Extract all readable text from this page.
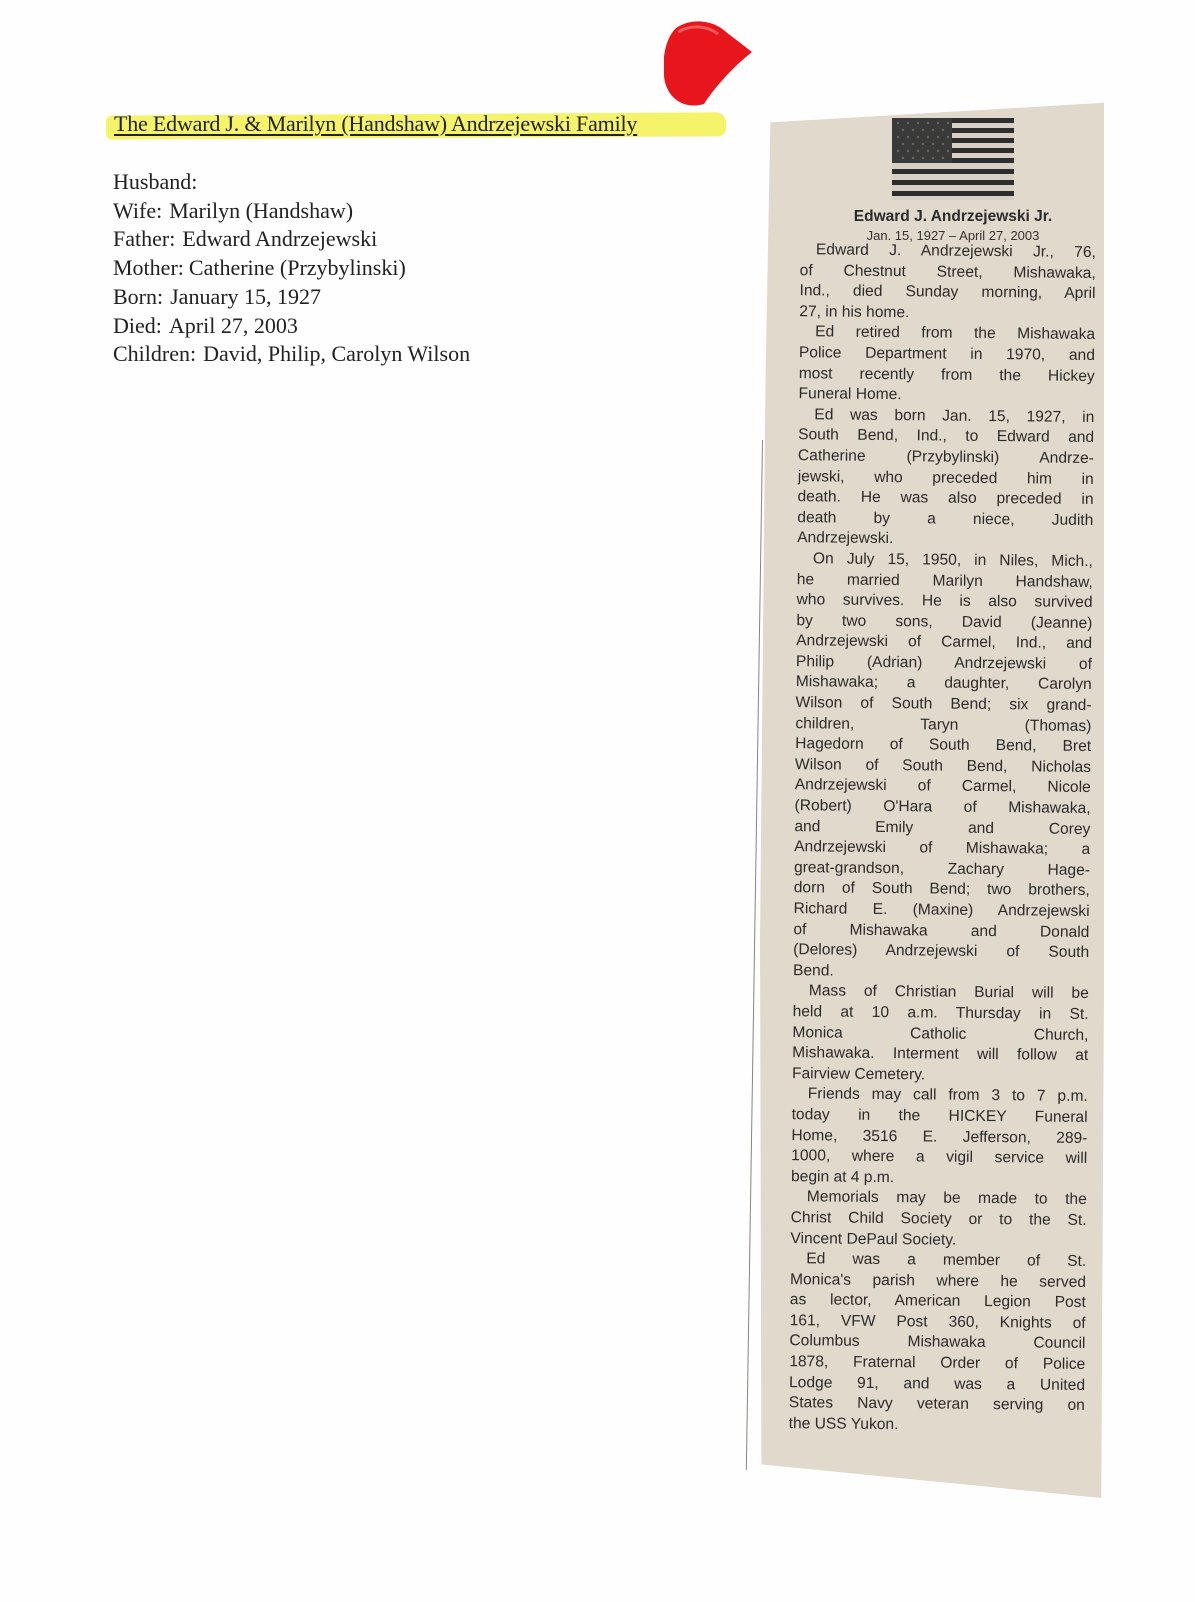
The Edward J. & Marilyn (Handshaw) Andrzejewski Family
Husband:
Wife: Marilyn (Handshaw)
Father: Edward Andrzejewski
Mother: Catherine (Przybylinski)
Born: January 15, 1927
Died: April 27, 2003
Children: David, Philip, Carolyn Wilson
Edward J. Andrzejewski Jr.
Jan. 15, 1927 – April 27, 2003
Edward J. Andrzejewski Jr., 76,
of Chestnut Street, Mishawaka,
Ind., died Sunday morning, April
27, in his home.
Ed retired from the Mishawaka
Police Department in 1970, and
most recently from the Hickey
Funeral Home.
Ed was born Jan. 15, 1927, in
South Bend, Ind., to Edward and
Catherine (Przybylinski) Andrze-
jewski, who preceded him in
death. He was also preceded in
death by a niece, Judith
Andrzejewski.
On July 15, 1950, in Niles, Mich.,
he married Marilyn Handshaw,
who survives. He is also survived
by two sons, David (Jeanne)
Andrzejewski of Carmel, Ind., and
Philip (Adrian) Andrzejewski of
Mishawaka; a daughter, Carolyn
Wilson of South Bend; six grand-
children, Taryn (Thomas)
Hagedorn of South Bend, Bret
Wilson of South Bend, Nicholas
Andrzejewski of Carmel, Nicole
(Robert) O'Hara of Mishawaka,
and Emily and Corey
Andrzejewski of Mishawaka; a
great-grandson, Zachary Hage-
dorn of South Bend; two brothers,
Richard E. (Maxine) Andrzejewski
of Mishawaka and Donald
(Delores) Andrzejewski of South
Bend.
Mass of Christian Burial will be
held at 10 a.m. Thursday in St.
Monica Catholic Church,
Mishawaka. Interment will follow at
Fairview Cemetery.
Friends may call from 3 to 7 p.m.
today in the HICKEY Funeral
Home, 3516 E. Jefferson, 289-
1000, where a vigil service will
begin at 4 p.m.
Memorials may be made to the
Christ Child Society or to the St.
Vincent DePaul Society.
Ed was a member of St.
Monica's parish where he served
as lector, American Legion Post
161, VFW Post 360, Knights of
Columbus Mishawaka Council
1878, Fraternal Order of Police
Lodge 91, and was a United
States Navy veteran serving on
the USS Yukon.
